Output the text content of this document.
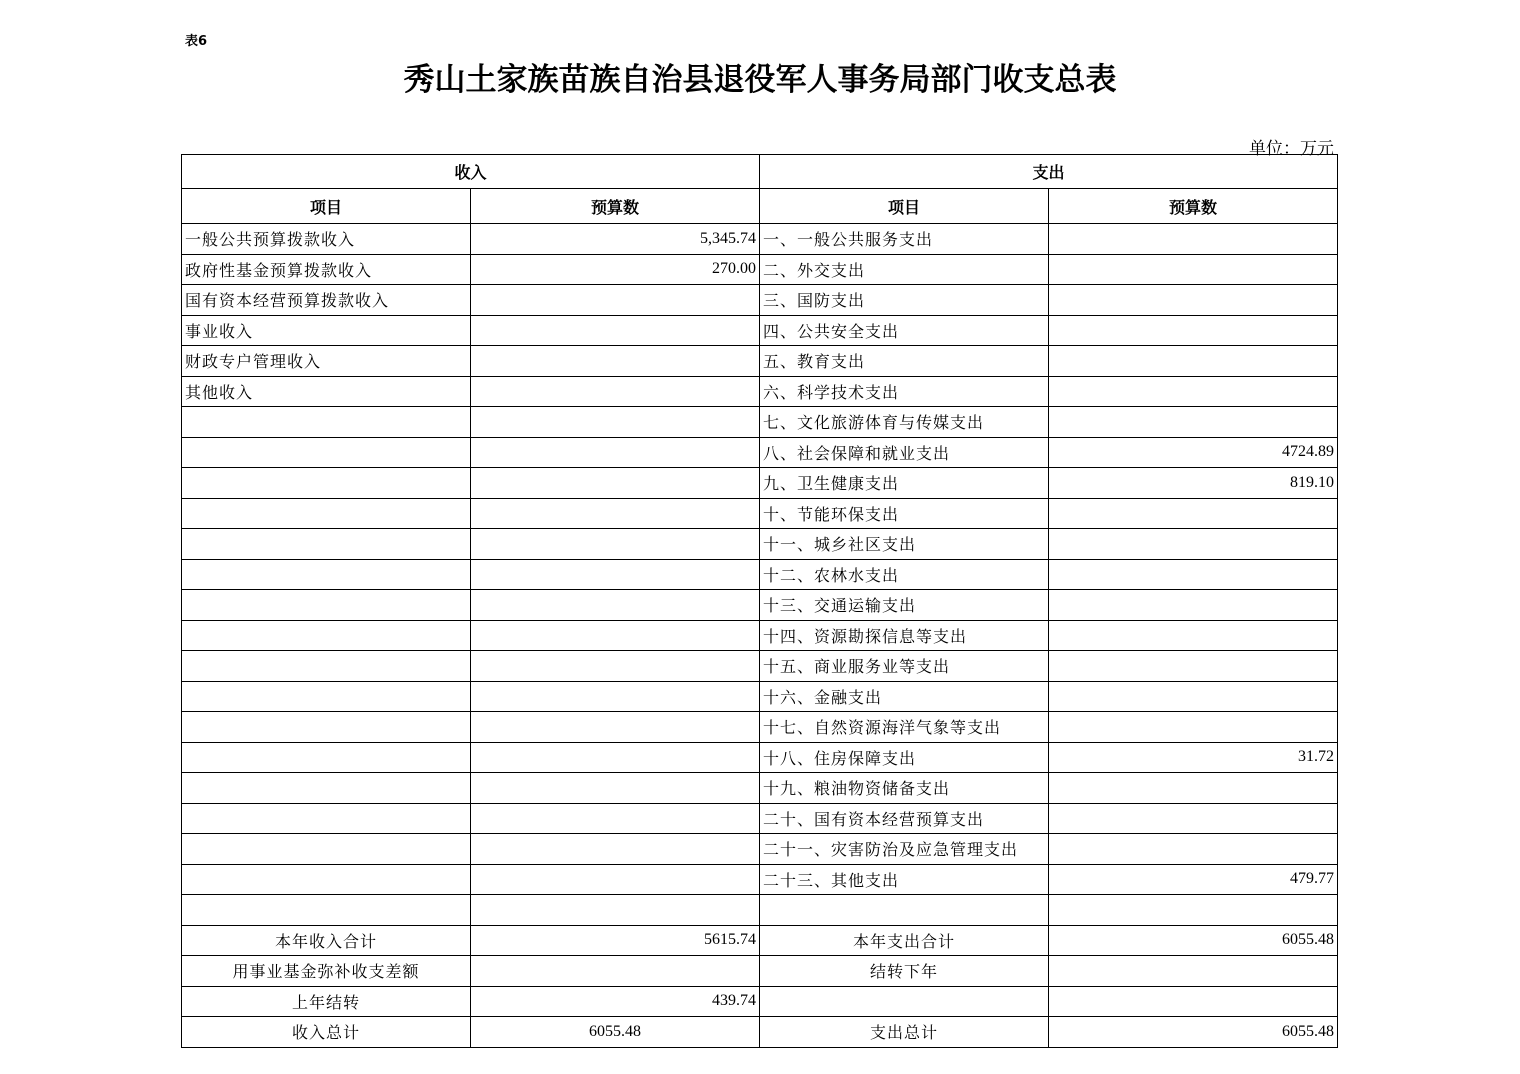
表6
秀山土家族苗族自治县退役军人事务局部门收支总表
单位：万元
收入		支出	
项目	预算数	项目	预算数
一般公共预算拨款收入	5,345.74	一、一般公共服务支出	
政府性基金预算拨款收入	270.00	二、外交支出	
国有资本经营预算拨款收入		三、国防支出	
事业收入		四、公共安全支出	
财政专户管理收入		五、教育支出	
其他收入		六、科学技术支出	
		七、文化旅游体育与传媒支出	
		八、社会保障和就业支出	4724.89
		九、卫生健康支出	819.10
		十、节能环保支出	
		十一、城乡社区支出	
		十二、农林水支出	
		十三、交通运输支出	
		十四、资源勘探信息等支出	
		十五、商业服务业等支出	
		十六、金融支出	
		十七、自然资源海洋气象等支出	
		十八、住房保障支出	31.72
		十九、粮油物资储备支出	
		二十、国有资本经营预算支出	
		二十一、灾害防治及应急管理支出	
		二十三、其他支出	479.77

本年收入合计	5615.74	本年支出合计	6055.48
用事业基金弥补收支差额		结转下年	
上年结转	439.74		
收入总计	6055.48	支出总计	6055.48
